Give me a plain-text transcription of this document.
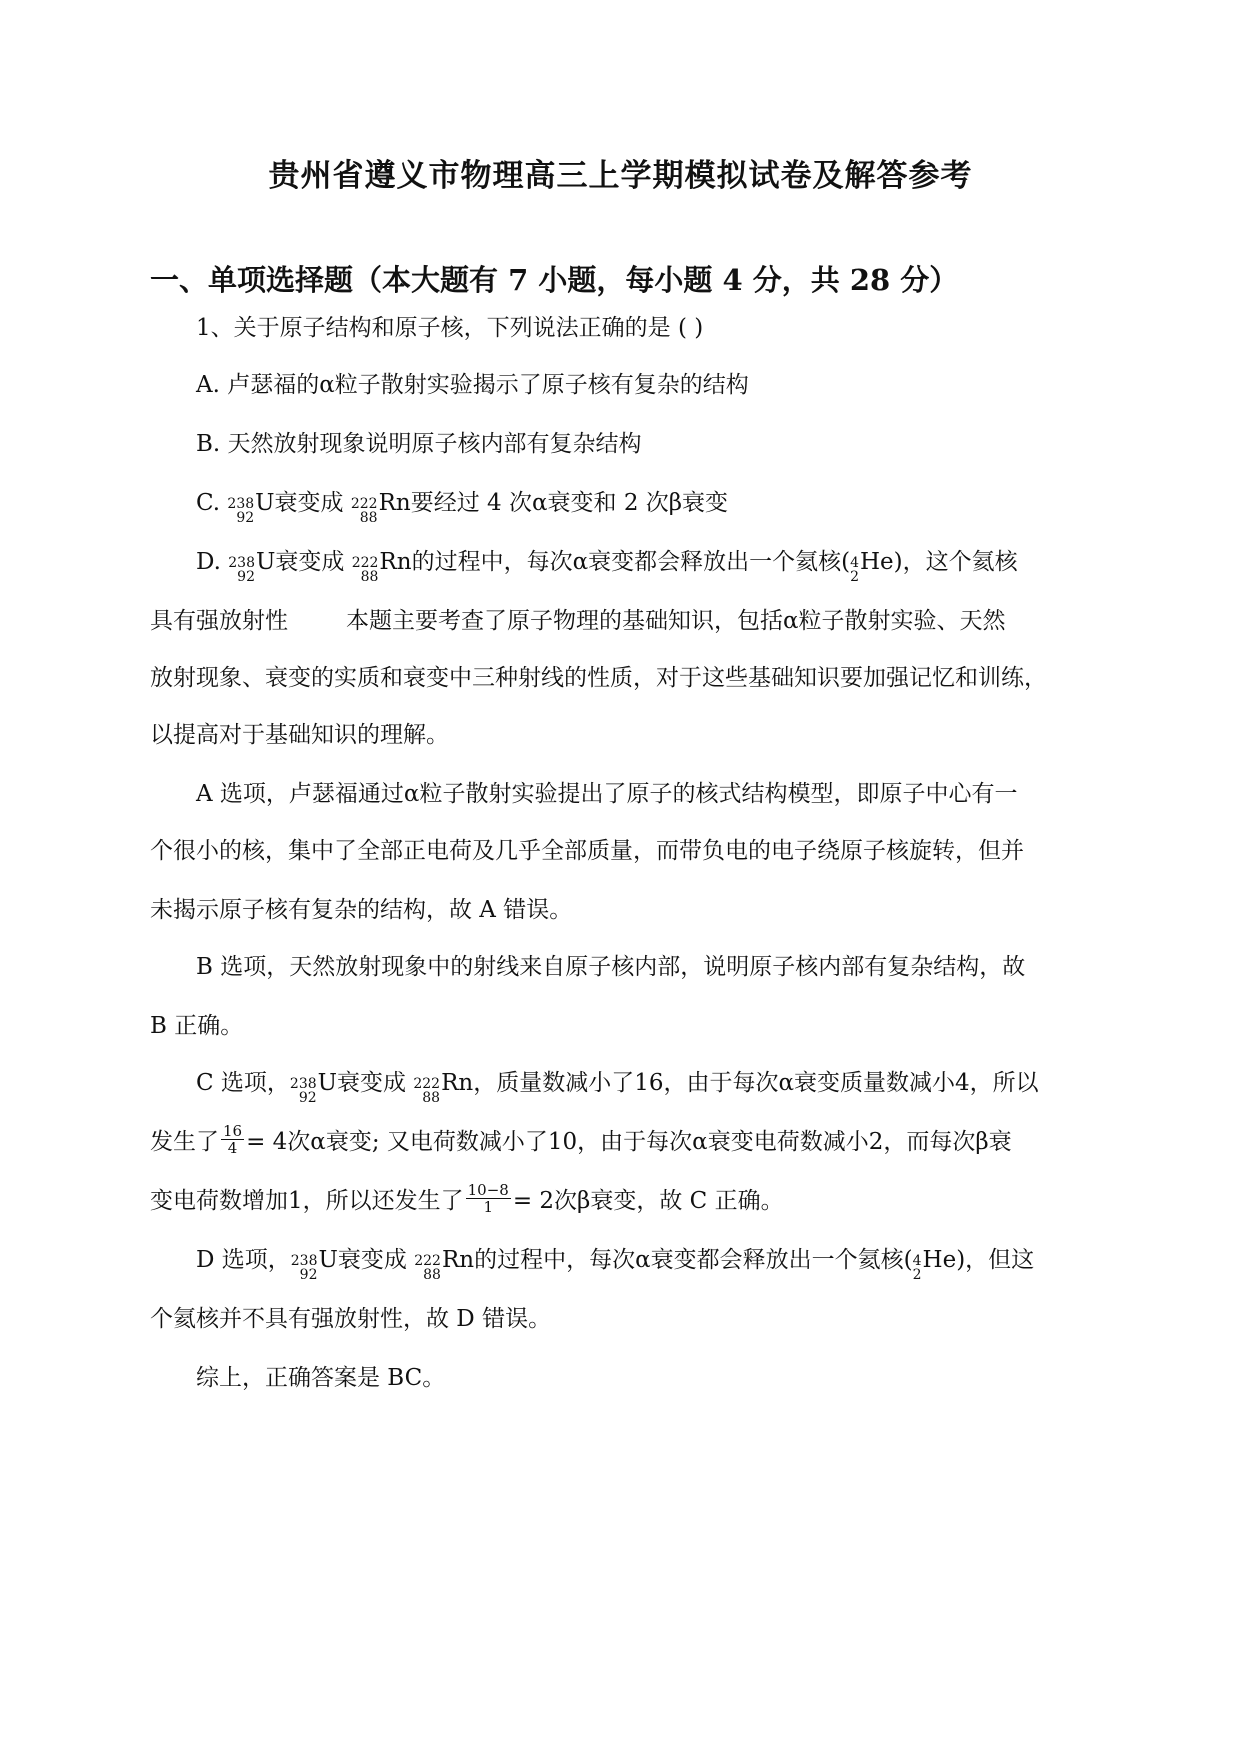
贵州省遵义市物理高三上学期模拟试卷及解答参考
一、单项选择题（本大题有 7 小题，每小题 4 分，共 28 分）

1、关于原子结构和原子核，下列说法正确的是 ( )

A. 卢瑟福的α粒子散射实验揭示了原子核有复杂的结构

B. 天然放射现象说明原子核内部有复杂结构

C. 238
92
U 衰变成 222
88
Rn 要经过 4 次α衰变和 2 次β衰变

D. 238
92
U 衰变成 222
88
Rn 的过程中，每次α衰变都会释放出一个氦核( 4
2
He )，这个氦核

具有强放射性	本题主要考查了原子物理的基础知识，包括α粒子散射实验、天然

放射现象、衰变的实质和衰变中三种射线的性质，对于这些基础知识要加强记忆和训练，

以提高对于基础知识的理解。

A 选项，卢瑟福通过α粒子散射实验提出了原子的核式结构模型，即原子中心有一

个很小的核，集中了全部正电荷及几乎全部质量，而带负电的电子绕原子核旋转，但并

未揭示原子核有复杂的结构，故 A 错误。

B 选项，天然放射现象中的射线来自原子核内部，说明原子核内部有复杂结构，故

B 正确。

C 选项， 238
92
U 衰变成 222
88
Rn ，质量数减小了16，由于每次α衰变质量数减小4，所以

发生了 $\frac{16}{4} = 4$次α衰变; 又电荷数减小了10，由于每次α衰变电荷数减小2，而每次β衰

变电荷数增加1，所以还发生了 $\frac{10-8}{1} = 2$次β衰变，故 C 正确。

D 选项， 238
92
U 衰变成 222
88
Rn 的过程中，每次α衰变都会释放出一个氦核( 4
2
He )，但这

个氦核并不具有强放射性，故 D 错误。

综上，正确答案是 BC。
